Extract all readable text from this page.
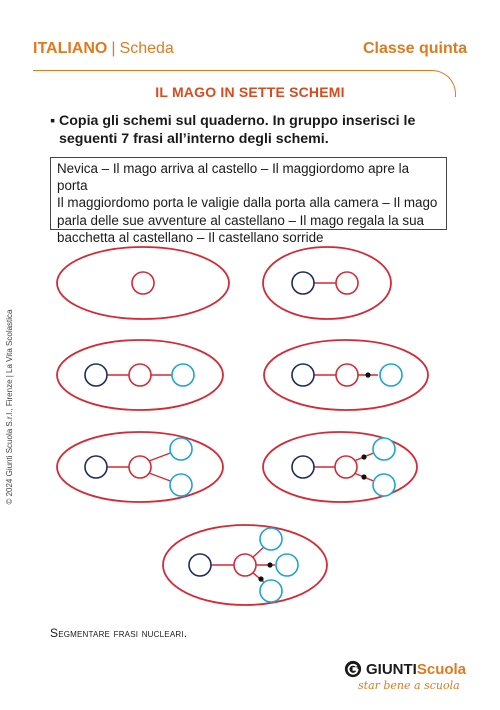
ITALIANO | Scheda	Classe quinta
IL MAGO IN SETTE SCHEMI
▪ Copia gli schemi sul quaderno. In gruppo inserisci le seguenti 7 frasi all’interno degli schemi.
Nevica – Il mago arriva al castello – Il maggiordomo apre la porta
Il maggiordomo porta le valigie dalla porta alla camera – Il mago
parla delle sue avventure al castellano – Il mago regala la sua
bacchetta al castellano – Il castellano sorride
Segmentare frasi nucleari.
© 2024 Giunti Scuola S.r.l., Firenze | La Vita Scolastica
GIUNTI Scuola
star bene a scuola
